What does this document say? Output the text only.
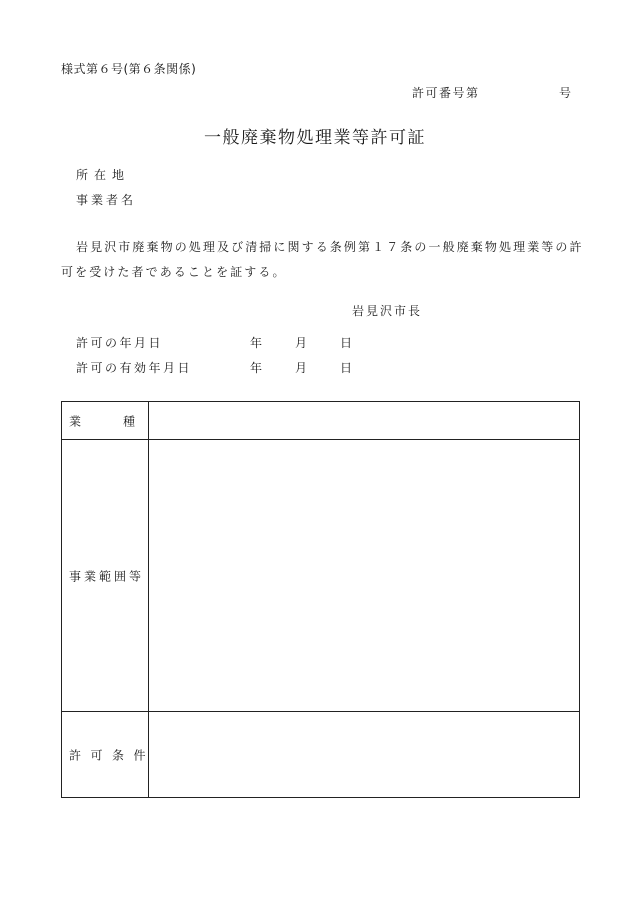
様式第６号(第６条関係)
許可番号第	号
一般廃棄物処理業等許可証
所在地
事業者名
岩見沢市廃棄物の処理及び清掃に関する条例第１７条の一般廃棄物処理業等の許可を受けた者であることを証する。
岩見沢市長
許可の年月日	年	月	日
許可の有効年月日	年	月	日
業種
事業範囲等
許可条件
